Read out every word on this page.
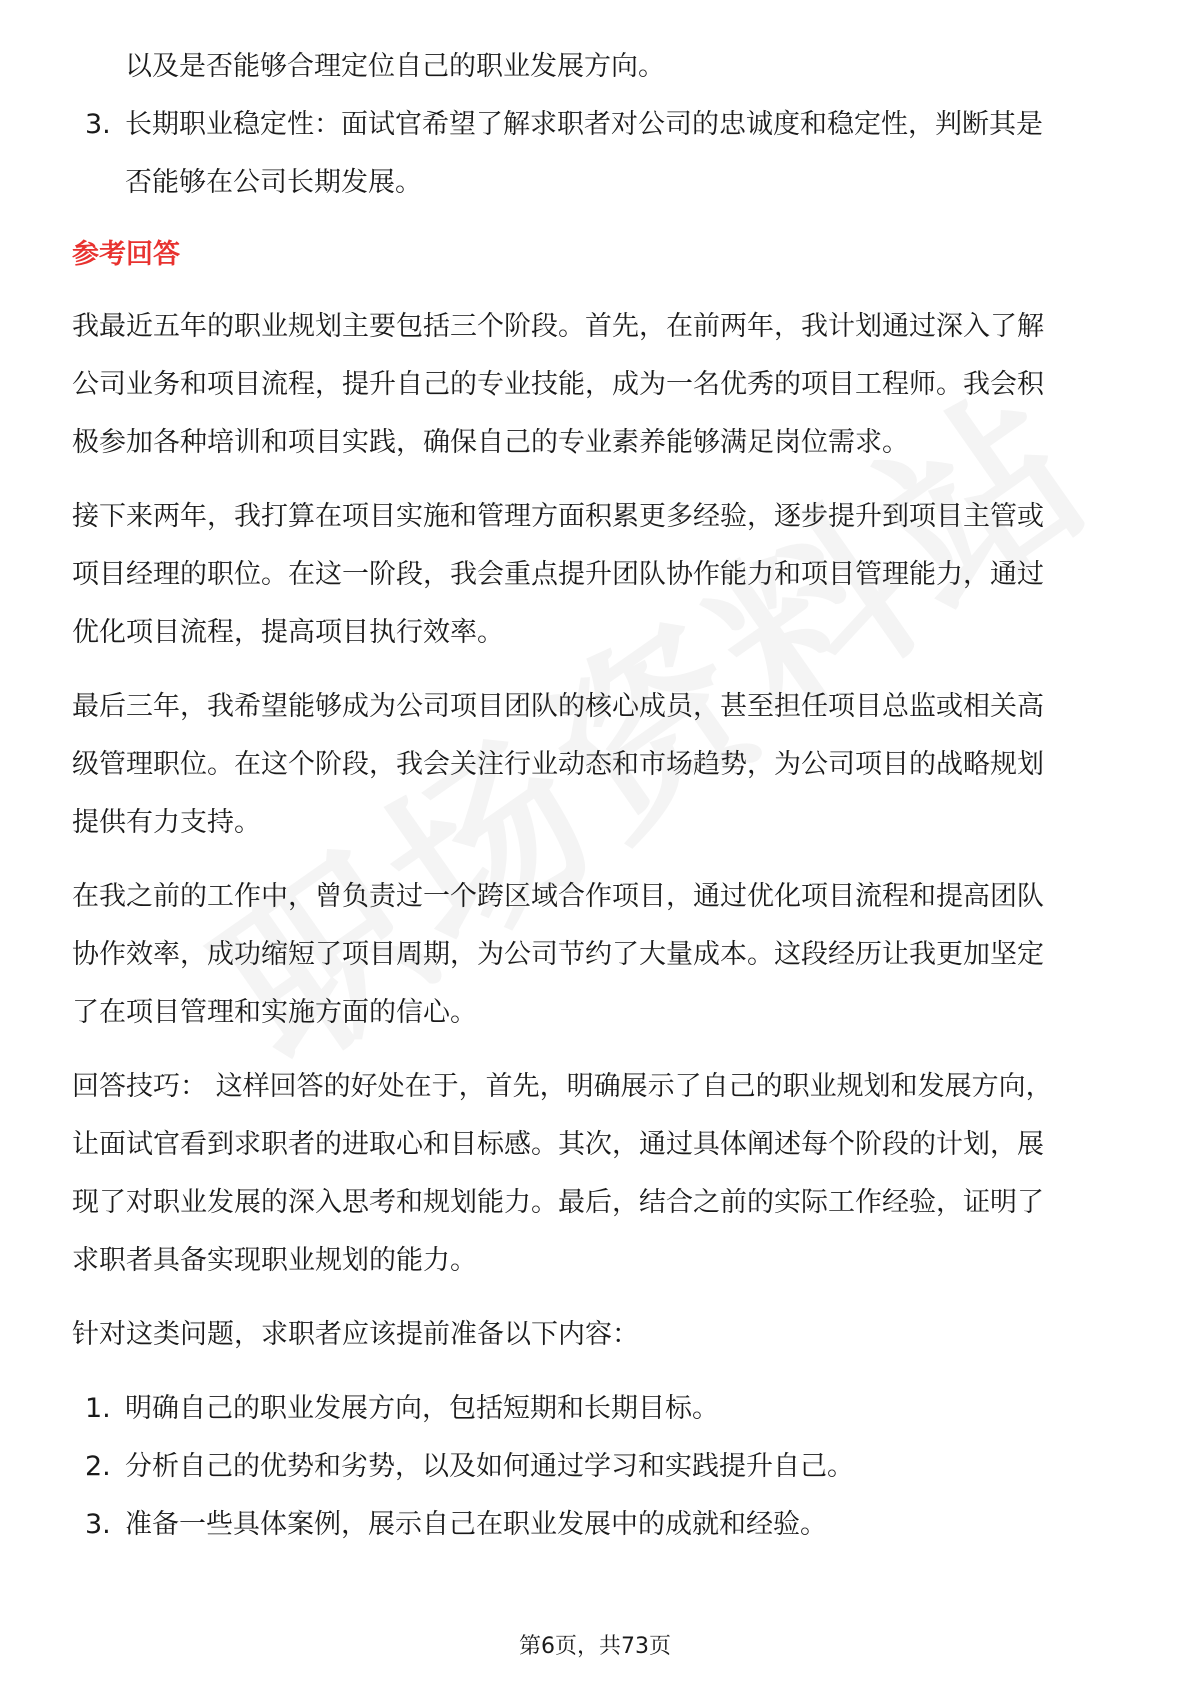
以及是否能够合理定位自己的职业发展方向。
3. 长期职业稳定性：面试官希望了解求职者对公司的忠诚度和稳定性，判断其是
否能够在公司长期发展。
参考回答
我最近五年的职业规划主要包括三个阶段。首先，在前两年，我计划通过深入了解
公司业务和项目流程，提升自己的专业技能，成为一名优秀的项目工程师。我会积
极参加各种培训和项目实践，确保自己的专业素养能够满足岗位需求。
接下来两年，我打算在项目实施和管理方面积累更多经验，逐步提升到项目主管或
项目经理的职位。在这一阶段，我会重点提升团队协作能力和项目管理能力，通过
优化项目流程，提高项目执行效率。
最后三年，我希望能够成为公司项目团队的核心成员，甚至担任项目总监或相关高
级管理职位。在这个阶段，我会关注行业动态和市场趋势，为公司项目的战略规划
提供有力支持。
在我之前的工作中，曾负责过一个跨区域合作项目，通过优化项目流程和提高团队
协作效率，成功缩短了项目周期，为公司节约了大量成本。这段经历让我更加坚定
了在项目管理和实施方面的信心。
回答技巧： 这样回答的好处在于，首先，明确展示了自己的职业规划和发展方向，
让面试官看到求职者的进取心和目标感。其次，通过具体阐述每个阶段的计划，展
现了对职业发展的深入思考和规划能力。最后，结合之前的实际工作经验，证明了
求职者具备实现职业规划的能力。
针对这类问题，求职者应该提前准备以下内容：
1. 明确自己的职业发展方向，包括短期和长期目标。
2. 分析自己的优势和劣势，以及如何通过学习和实践提升自己。
3. 准备一些具体案例，展示自己在职业发展中的成就和经验。
第6页，共73页
